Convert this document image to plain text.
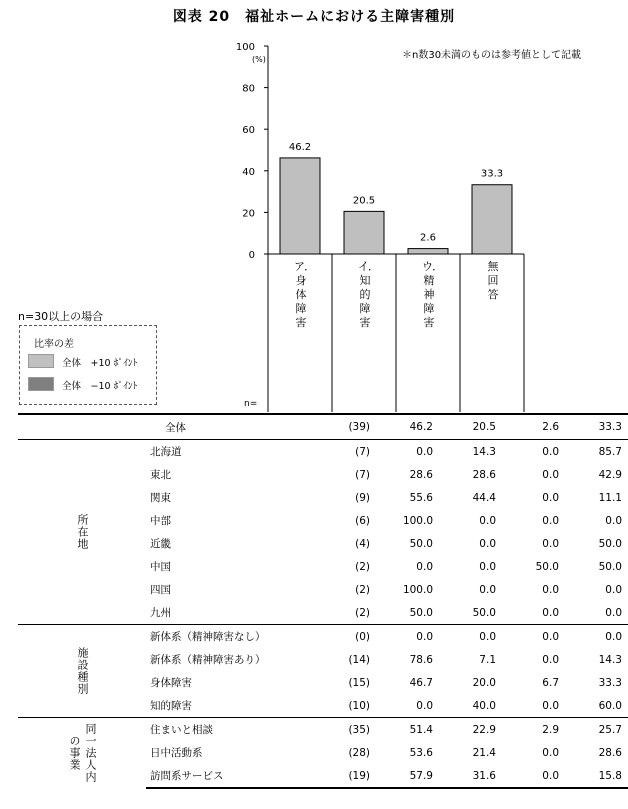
図表 20　福祉ホームにおける主障害種別
＊n数30未満のものは参考値として記載
0
20
40
60
80
100
(%)
46.2
20.5
2.6
33.3
n=30以上の場合
比率の差
全体　+10 ﾎﾟｲﾝﾄ
全体　−10 ﾎﾟｲﾝﾄ
n=
ア．身体障害
イ．知的障害
ウ．精神障害
無回答
全体		(39)	46.2	20.5	2.6	33.3
所在地	北海道	(7)	0.0	14.3	0.0	85.7
	東北	(7)	28.6	28.6	0.0	42.9
	関東	(9)	55.6	44.4	0.0	11.1
	中部	(6)	100.0	0.0	0.0	0.0
	近畿	(4)	50.0	0.0	0.0	50.0
	中国	(2)	0.0	0.0	50.0	50.0
	四国	(2)	100.0	0.0	0.0	0.0
	九州	(2)	50.0	50.0	0.0	0.0
施設種別	新体系（精神障害なし）	(0)	0.0	0.0	0.0	0.0
	新体系（精神障害あり）	(14)	78.6	7.1	0.0	14.3
	身体障害	(15)	46.7	20.0	6.7	33.3
	知的障害	(10)	0.0	40.0	0.0	60.0
同一法人内の事業	住まいと相談	(35)	51.4	22.9	2.9	25.7
	日中活動系	(28)	53.6	21.4	0.0	28.6
	訪問系サービス	(19)	57.9	31.6	0.0	15.8
